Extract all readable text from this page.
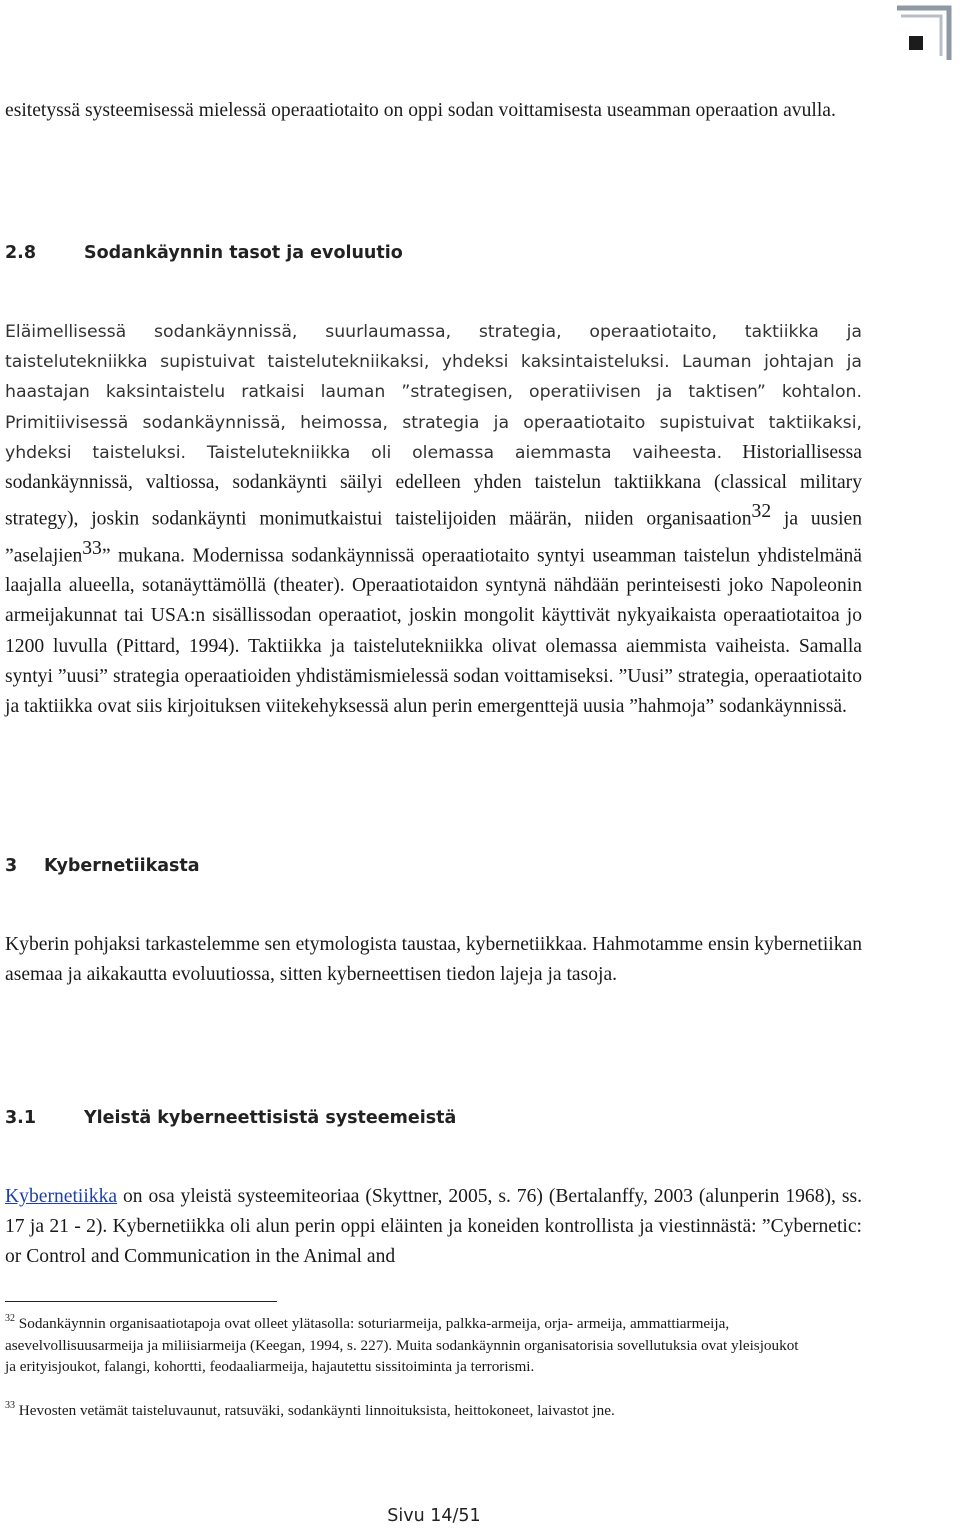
esitetyssä systeemisessä mielessä operaatiotaito on oppi sodan voittamisesta useamman operaation avulla.

2.8	Sodankäynnin tasot ja evoluutio

Eläimellisessä sodankäynnissä, suurlaumassa, strategia, operaatiotaito, taktiikka ja taistelutekniikka supistuivat taistelutekniikaksi, yhdeksi kaksintaisteluksi. Lauman johtajan ja haastajan kaksintaistelu ratkaisi lauman ”strategisen, operatiivisen ja taktisen” kohtalon. Primitiivisessä sodankäynnissä, heimossa, strategia ja operaatiotaito supistuivat taktiikaksi, yhdeksi taisteluksi. Taistelutekniikka oli olemassa aiemmasta vaiheesta. Historiallisessa sodankäynnissä, valtiossa, sodankäynti säilyi edelleen yhden taistelun taktiikkana (classical military strategy), joskin sodankäynti monimutkaistui taistelijoiden määrän, niiden organisaation$^{32}$ ja uusien ”aselajien$^{33}$” mukana. Modernissa sodankäynnissä operaatiotaito syntyi useamman taistelun yhdistelmänä laajalla alueella, sotanäyttämöllä (theater). Operaatiotaidon syntynä nähdään perinteisesti joko Napoleonin armeijakunnat tai USA:n sisällissodan operaatiot, joskin mongolit käyttivät nykyaikaista operaatiotaitoa jo 1200 luvulla (Pittard, 1994). Taktiikka ja taistelutekniikka olivat olemassa aiemmista vaiheista. Samalla syntyi ”uusi” strategia operaatioiden yhdistämismielessä sodan voittamiseksi. ”Uusi” strategia, operaatiotaito ja taktiikka ovat siis kirjoituksen viitekehyksessä alun perin emergenttejä uusia ”hahmoja” sodankäynnissä.

3 Kybernetiikasta

Kyberin pohjaksi tarkastelemme sen etymologista taustaa, kybernetiikkaa. Hahmotamme ensin kybernetiikan asemaa ja aikakautta evoluutiossa, sitten kyberneettisen tiedon lajeja ja tasoja.

3.1	Yleistä kyberneettisistä systeemeistä

Kybernetiikka on osa yleistä systeemiteoriaa (Skyttner, 2005, s. 76) (Bertalanffy, 2003 (alunperin 1968), ss. 17 ja 21 - 2). Kybernetiikka oli alun perin oppi eläinten ja koneiden kontrollista ja viestinnästä: ”Cybernetic: or Control and Communication in the Animal and

$^{32}$ Sodankäynnin organisaatiotapoja ovat olleet ylätasolla: soturiarmeija, palkka-armeija, orja- armeija, ammattiarmeija, asevelvollisuusarmeija ja miliisiarmeija (Keegan, 1994, s. 227). Muita sodankäynnin organisatorisia sovellutuksia ovat yleisjoukot ja erityisjoukot, falangi, kohortti, feodaaliarmeija, hajautettu sissitoiminta ja terrorismi.

$^{33}$ Hevosten vetämät taisteluvaunut, ratsuväki, sodankäynti linnoituksista, heittokoneet, laivastot jne.

Sivu 14/51
